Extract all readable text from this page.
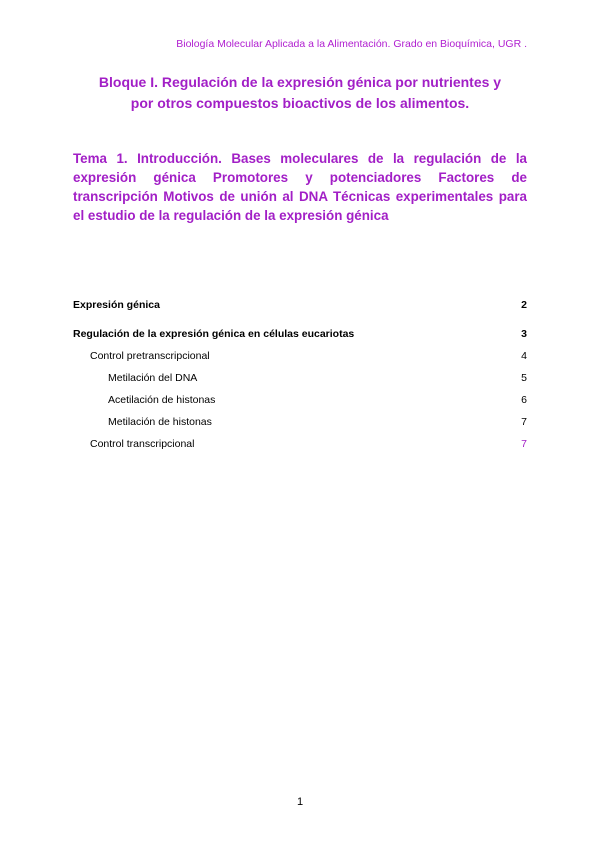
Biología Molecular Aplicada a la Alimentación. Grado en Bioquímica, UGR .
Bloque I. Regulación de la expresión génica por nutrientes y
por otros compuestos bioactivos de los alimentos.
Tema 1. Introducción. Bases moleculares de la regulación de la expresión génica Promotores y potenciadores Factores de transcripción Motivos de unión al DNA Técnicas experimentales para el estudio de la regulación de la expresión génica
Expresión génica	2
Regulación de la expresión génica en células eucariotas	3
Control pretranscripcional	4
Metilación del DNA	5
Acetilación de histonas	6
Metilación de histonas	7
Control transcripcional	7
1
